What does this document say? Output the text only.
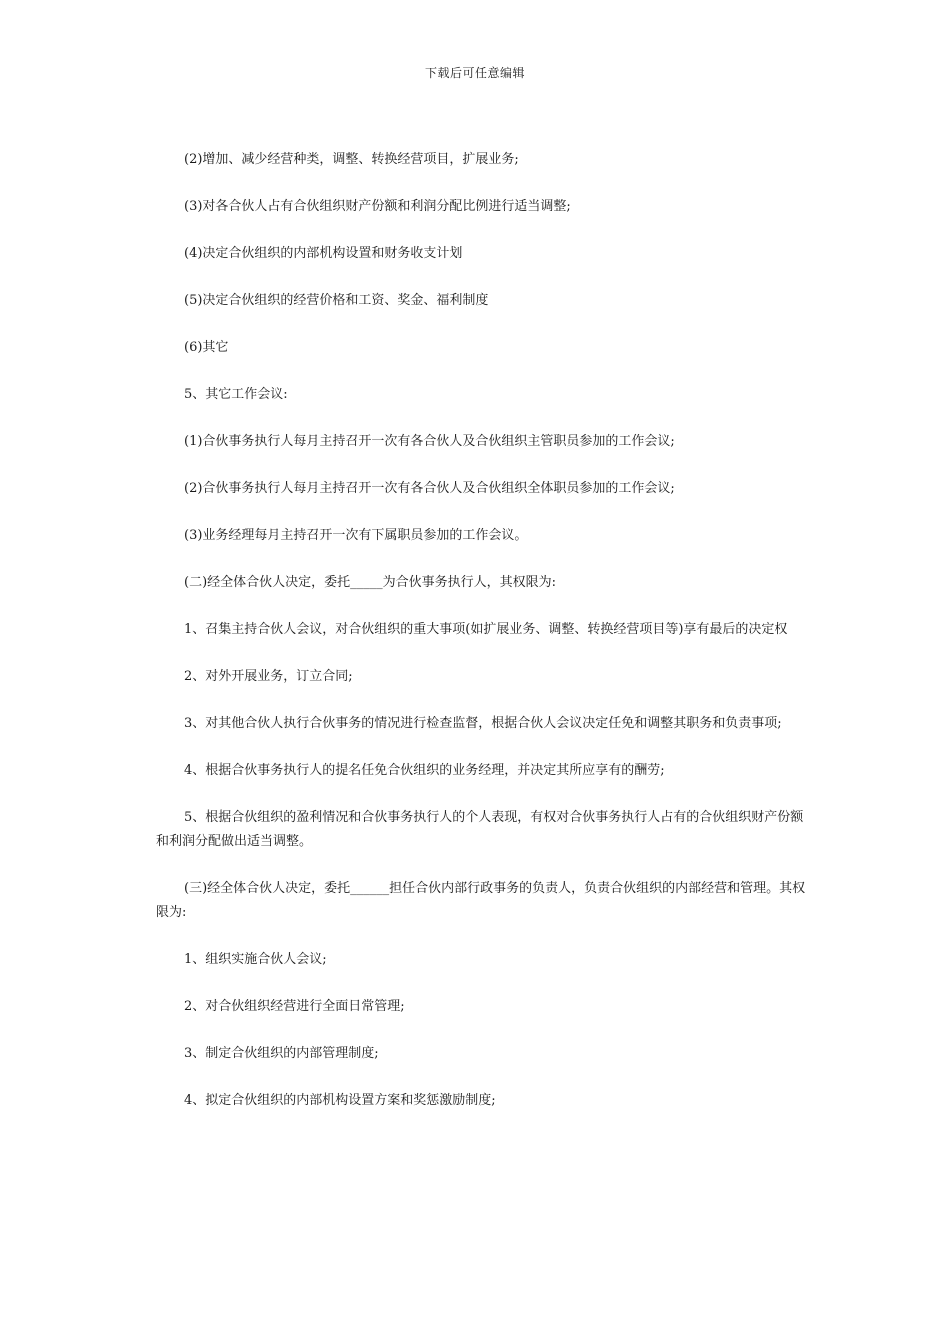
下载后可任意编辑

(2)增加、减少经营种类，调整、转换经营项目，扩展业务;

(3)对各合伙人占有合伙组织财产份额和利润分配比例进行适当调整;

(4)决定合伙组织的内部机构设置和财务收支计划

(5)决定合伙组织的经营价格和工资、奖金、福利制度

(6)其它

5、其它工作会议:

(1)合伙事务执行人每月主持召开一次有各合伙人及合伙组织主管职员参加的工作会议;

(2)合伙事务执行人每月主持召开一次有各合伙人及合伙组织全体职员参加的工作会议;

(3)业务经理每月主持召开一次有下属职员参加的工作会议。

(二)经全体合伙人决定，委托_____为合伙事务执行人，其权限为:

1、召集主持合伙人会议，对合伙组织的重大事项(如扩展业务、调整、转换经营项目等)享有最后的决定权

2、对外开展业务，订立合同;

3、对其他合伙人执行合伙事务的情况进行检查监督，根据合伙人会议决定任免和调整其职务和负责事项;

4、根据合伙事务执行人的提名任免合伙组织的业务经理，并决定其所应享有的酬劳;

5、根据合伙组织的盈利情况和合伙事务执行人的个人表现，有权对合伙事务执行人占有的合伙组织财产份额和利润分配做出适当调整。

(三)经全体合伙人决定，委托______担任合伙内部行政事务的负责人，负责合伙组织的内部经营和管理。其权限为:

1、组织实施合伙人会议;

2、对合伙组织经营进行全面日常管理;

3、制定合伙组织的内部管理制度;

4、拟定合伙组织的内部机构设置方案和奖惩激励制度;
